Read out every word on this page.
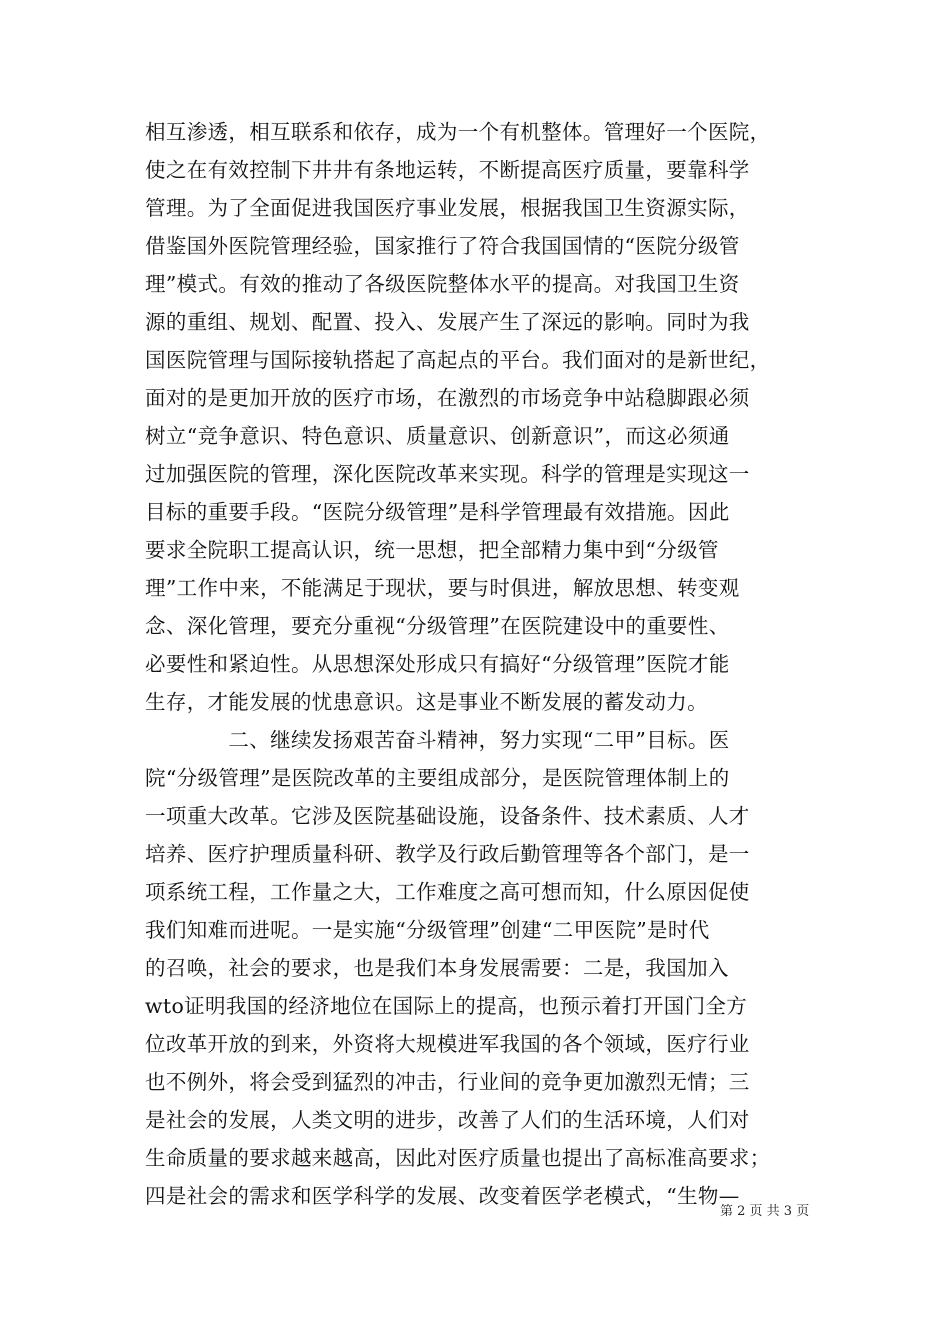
相互渗透，相互联系和依存，成为一个有机整体。管理好一个医院，
使之在有效控制下井井有条地运转，不断提高医疗质量，要靠科学
管理。为了全面促进我国医疗事业发展，根据我国卫生资源实际，
借鉴国外医院管理经验，国家推行了符合我国国情的“医院分级管
理”模式。有效的推动了各级医院整体水平的提高。对我国卫生资
源的重组、规划、配置、投入、发展产生了深远的影响。同时为我
国医院管理与国际接轨搭起了高起点的平台。我们面对的是新世纪，
面对的是更加开放的医疗市场，在激烈的市场竞争中站稳脚跟必须
树立“竞争意识、特色意识、质量意识、创新意识”，而这必须通
过加强医院的管理，深化医院改革来实现。科学的管理是实现这一
目标的重要手段。“医院分级管理”是科学管理最有效措施。因此
要求全院职工提高认识，统一思想，把全部精力集中到“分级管
理”工作中来，不能满足于现状，要与时俱进，解放思想、转变观
念、深化管理，要充分重视“分级管理”在医院建设中的重要性、
必要性和紧迫性。从思想深处形成只有搞好“分级管理”医院才能
生存，才能发展的忧患意识。这是事业不断发展的蓄发动力。
　　　　二、继续发扬艰苦奋斗精神，努力实现“二甲”目标。医
院“分级管理”是医院改革的主要组成部分，是医院管理体制上的
一项重大改革。它涉及医院基础设施，设备条件、技术素质、人才
培养、医疗护理质量科研、教学及行政后勤管理等各个部门，是一
项系统工程，工作量之大，工作难度之高可想而知，什么原因促使
我们知难而进呢。一是实施“分级管理”创建“二甲医院”是时代
的召唤，社会的要求，也是我们本身发展需要：二是，我国加入
wto证明我国的经济地位在国际上的提高，也预示着打开国门全方
位改革开放的到来，外资将大规模进军我国的各个领域，医疗行业
也不例外，将会受到猛烈的冲击，行业间的竞争更加激烈无情；三
是社会的发展，人类文明的进步，改善了人们的生活环境，人们对
生命质量的要求越来越高，因此对医疗质量也提出了高标准高要求；
四是社会的需求和医学科学的发展、改变着医学老模式，“生物—
第 2 页 共 3 页
